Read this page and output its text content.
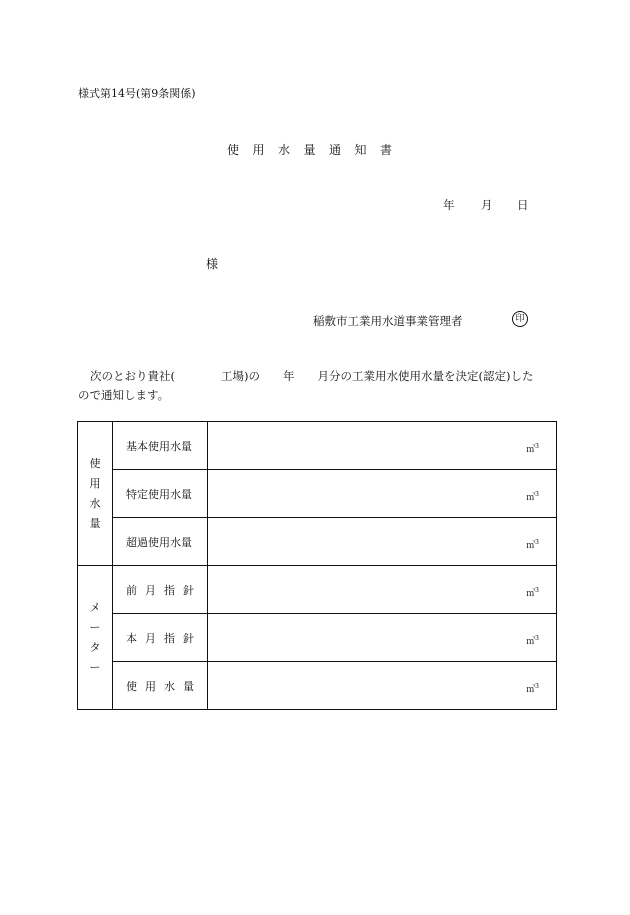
様式第14号(第9条関係)
使用水量通知書
年 月 日
様
稲敷市工業用水道事業管理者	印
次のとおり貴社(　　　　工場)の　　年　　月分の工業用水使用水量を決定(認定)した
ので通知します。
使用水量	基本使用水量	$_{㎥^3}$
	特定使用水量	$_{㎥^3}$
	超過使用水量	$_{㎥^3}$
メーター	前月指針	$_{㎥^3}$
	本月指針	$_{㎥^3}$
	使用水量	$_{㎥^3}$
